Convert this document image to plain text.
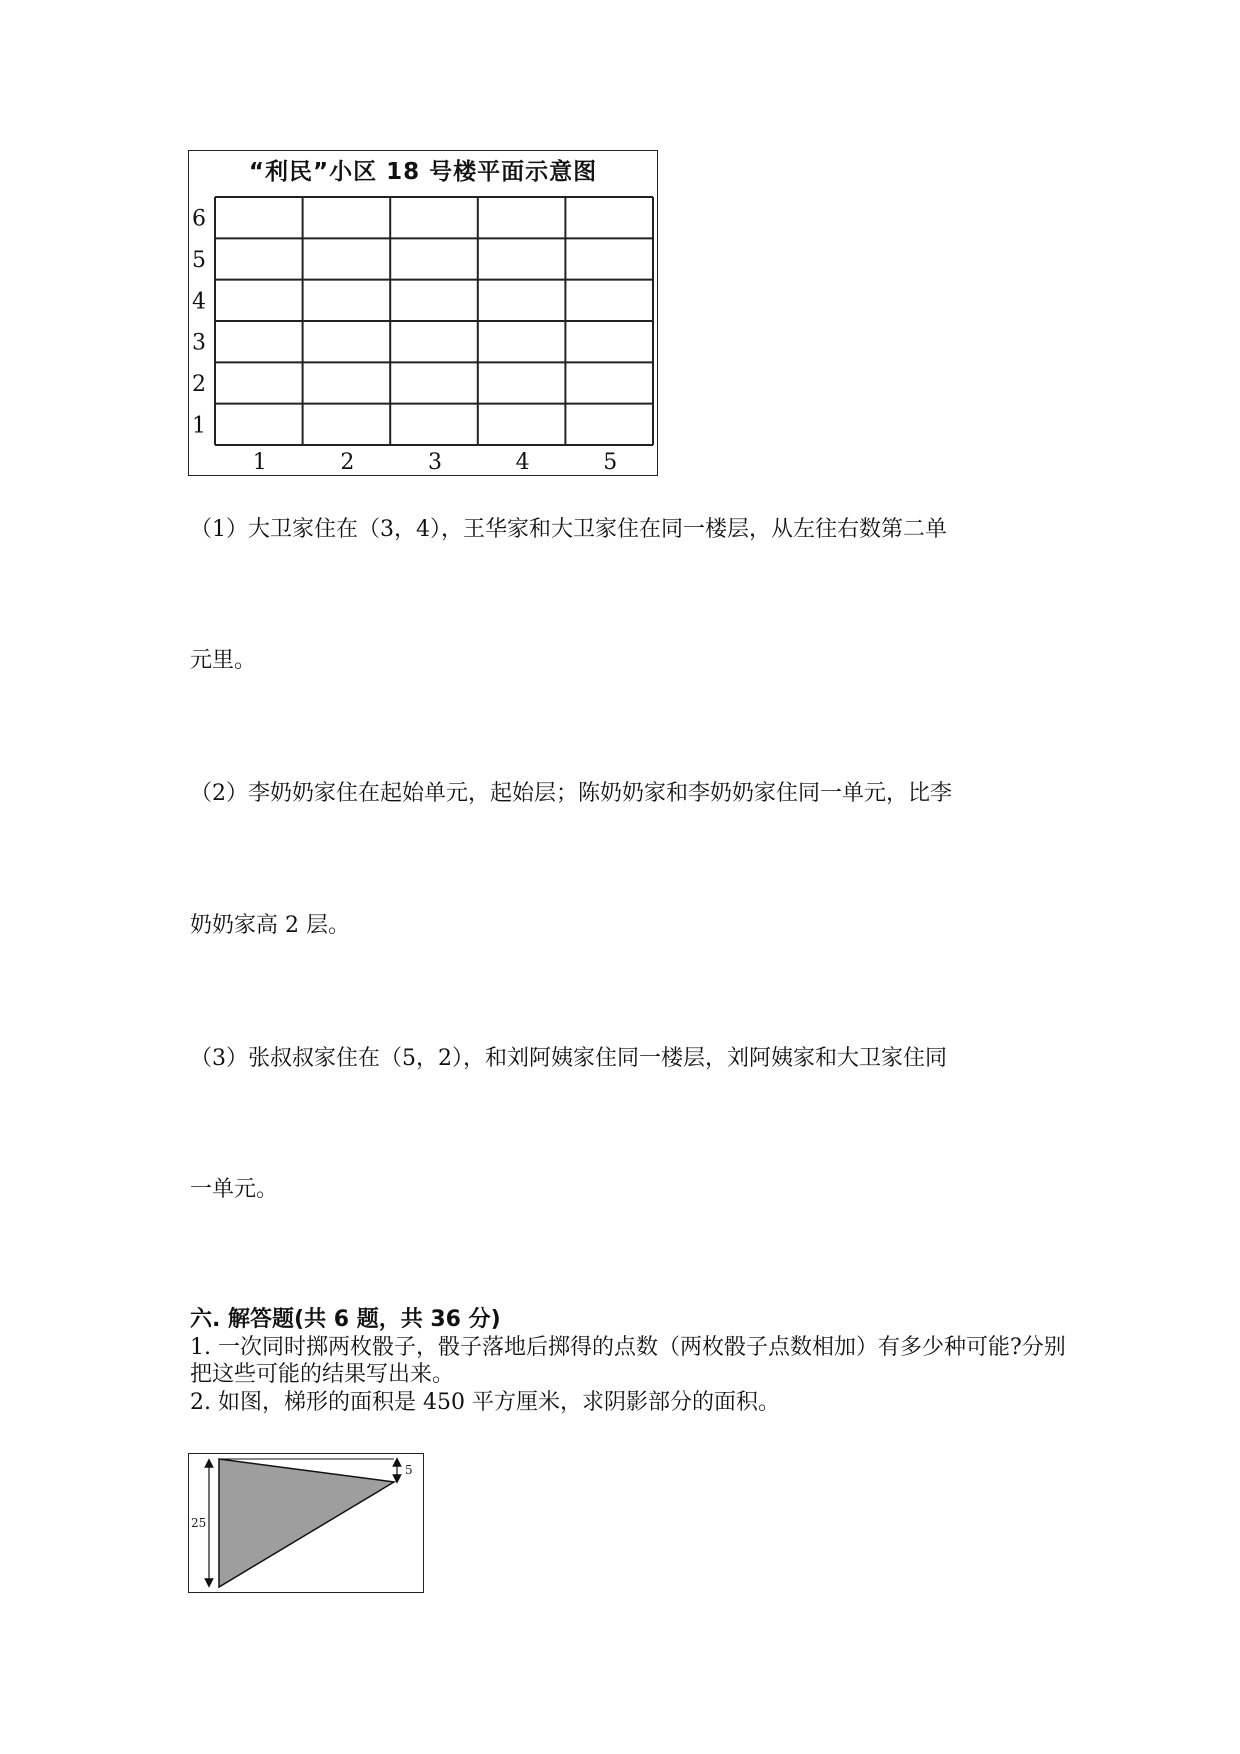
“利民”小区 18 号楼平面示意图
6
5
4
3
2
1
1	2	3	4	5
（1）大卫家住在（3，4），王华家和大卫家住在同一楼层，从左往右数第二单
元里。
（2）李奶奶家住在起始单元，起始层；陈奶奶家和李奶奶家住同一单元，比李
奶奶家高 2 层。
（3）张叔叔家住在（5，2），和刘阿姨家住同一楼层，刘阿姨家和大卫家住同
一单元。
六. 解答题(共 6 题，共 36 分)
1. 一次同时掷两枚骰子，骰子落地后掷得的点数（两枚骰子点数相加）有多少种可能?分别把这些可能的结果写出来。
2. 如图，梯形的面积是 450 平方厘米，求阴影部分的面积。
25
5
